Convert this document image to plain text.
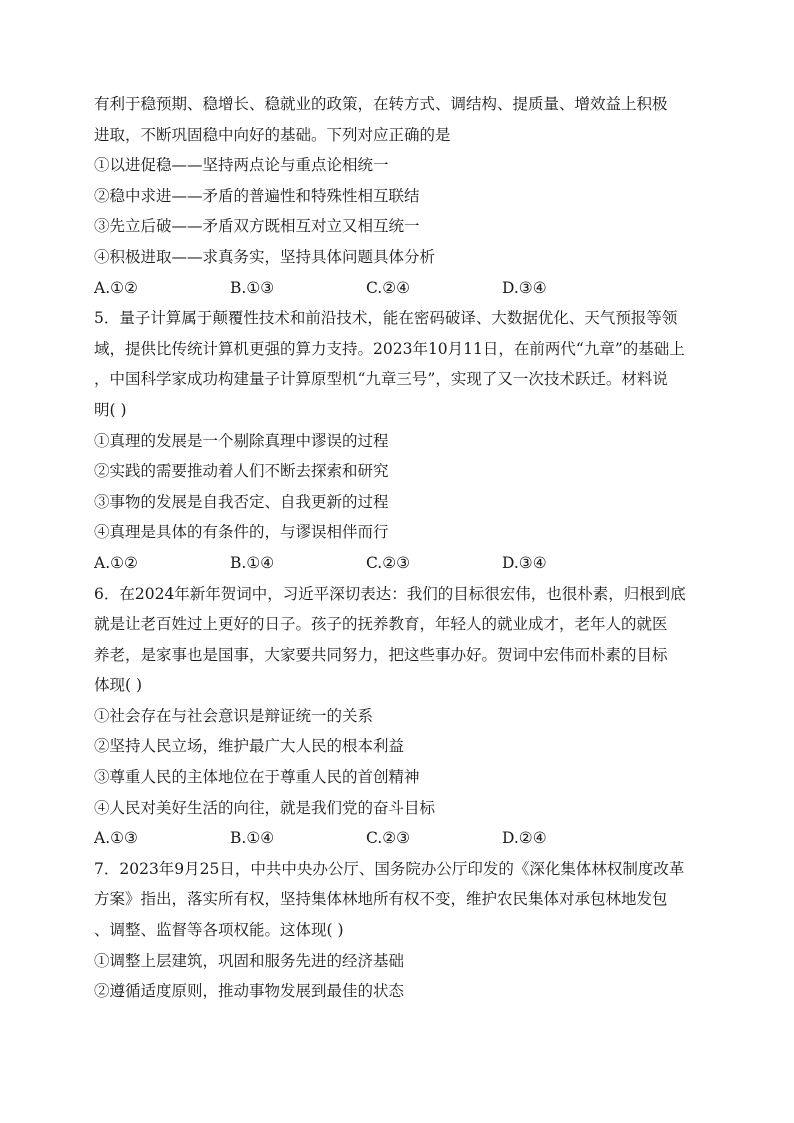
有利于稳预期、稳增长、稳就业的政策，在转方式、调结构、提质量、增效益上积极
进取，不断巩固稳中向好的基础。下列对应正确的是
①以进促稳——坚持两点论与重点论相统一
②稳中求进——矛盾的普遍性和特殊性相互联结
③先立后破——矛盾双方既相互对立又相互统一
④积极进取——求真务实，坚持具体问题具体分析
A.①②	B.①③	C.②④	D.③④
5．量子计算属于颠覆性技术和前沿技术，能在密码破译、大数据优化、天气预报等领
域，提供比传统计算机更强的算力支持。2023年10月11日，在前两代“九章”的基础上
，中国科学家成功构建量子计算原型机“九章三号”，实现了又一次技术跃迁。材料说
明( )
①真理的发展是一个剔除真理中谬误的过程
②实践的需要推动着人们不断去探索和研究
③事物的发展是自我否定、自我更新的过程
④真理是具体的有条件的，与谬误相伴而行
A.①②	B.①④	C.②③	D.③④
6．在2024年新年贺词中，习近平深切表达：我们的目标很宏伟，也很朴素，归根到底
就是让老百姓过上更好的日子。孩子的抚养教育，年轻人的就业成才，老年人的就医
养老，是家事也是国事，大家要共同努力，把这些事办好。贺词中宏伟而朴素的目标
体现( )
①社会存在与社会意识是辩证统一的关系
②坚持人民立场，维护最广大人民的根本利益
③尊重人民的主体地位在于尊重人民的首创精神
④人民对美好生活的向往，就是我们党的奋斗目标
A.①③	B.①④	C.②③	D.②④
7．2023年9月25日，中共中央办公厅、国务院办公厅印发的《深化集体林权制度改革
方案》指出，落实所有权，坚持集体林地所有权不变，维护农民集体对承包林地发包
、调整、监督等各项权能。这体现( )
①调整上层建筑，巩固和服务先进的经济基础
②遵循适度原则，推动事物发展到最佳的状态
